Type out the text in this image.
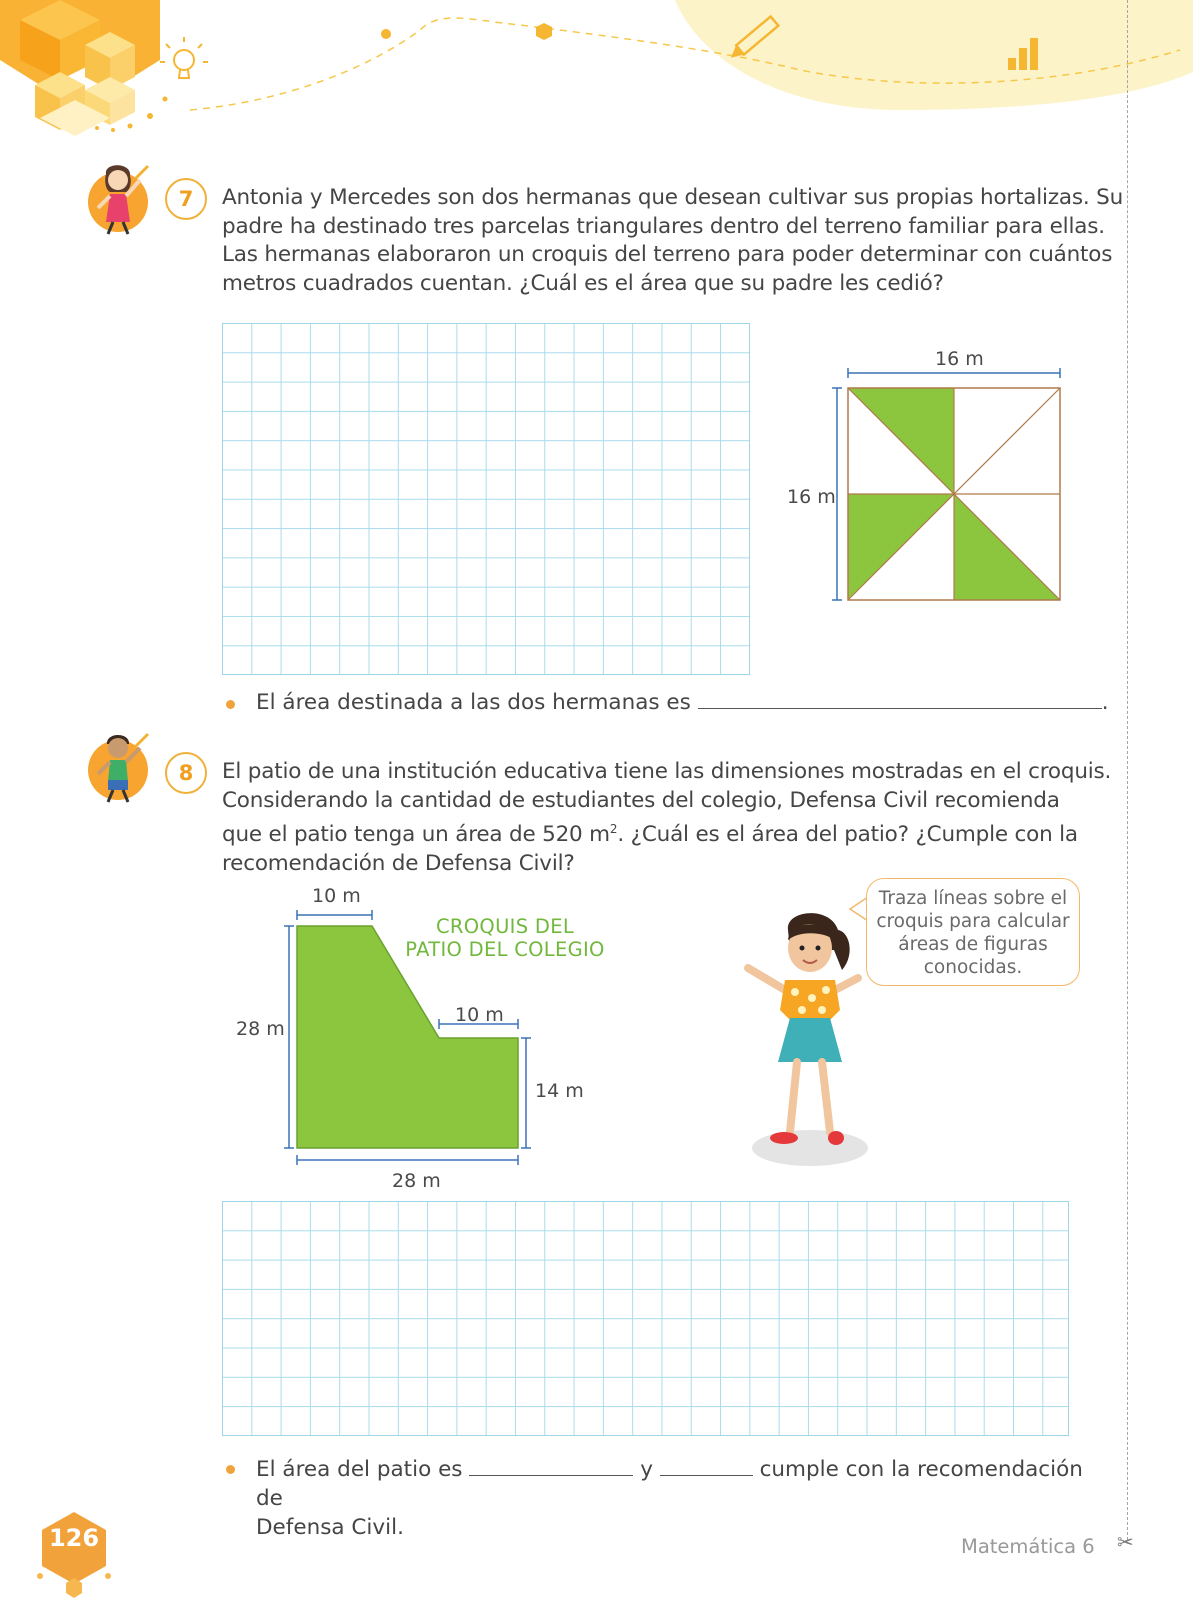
7	Antonia y Mercedes son dos hermanas que desean cultivar sus propias hortalizas. Su
padre ha destinado tres parcelas triangulares dentro del terreno familiar para ellas.
Las hermanas elaboraron un croquis del terreno para poder determinar con cuántos
metros cuadrados cuentan. ¿Cuál es el área que su padre les cedió?
16 m
16 m
El área destinada a las dos hermanas es	.
8	El patio de una institución educativa tiene las dimensiones mostradas en el croquis.
Considerando la cantidad de estudiantes del colegio, Defensa Civil recomienda
que el patio tenga un área de 520 $m^2$. ¿Cuál es el área del patio? ¿Cumple con la
recomendación de Defensa Civil?
CROQUIS DEL
PATIO DEL COLEGIO
10 m
28 m
10 m
14 m
28 m
Traza líneas sobre el
croquis para calcular
áreas de figuras
conocidas.
El área del patio es	y	cumple con la recomendación de
Defensa Civil.
126	Matemática 6 ✂
